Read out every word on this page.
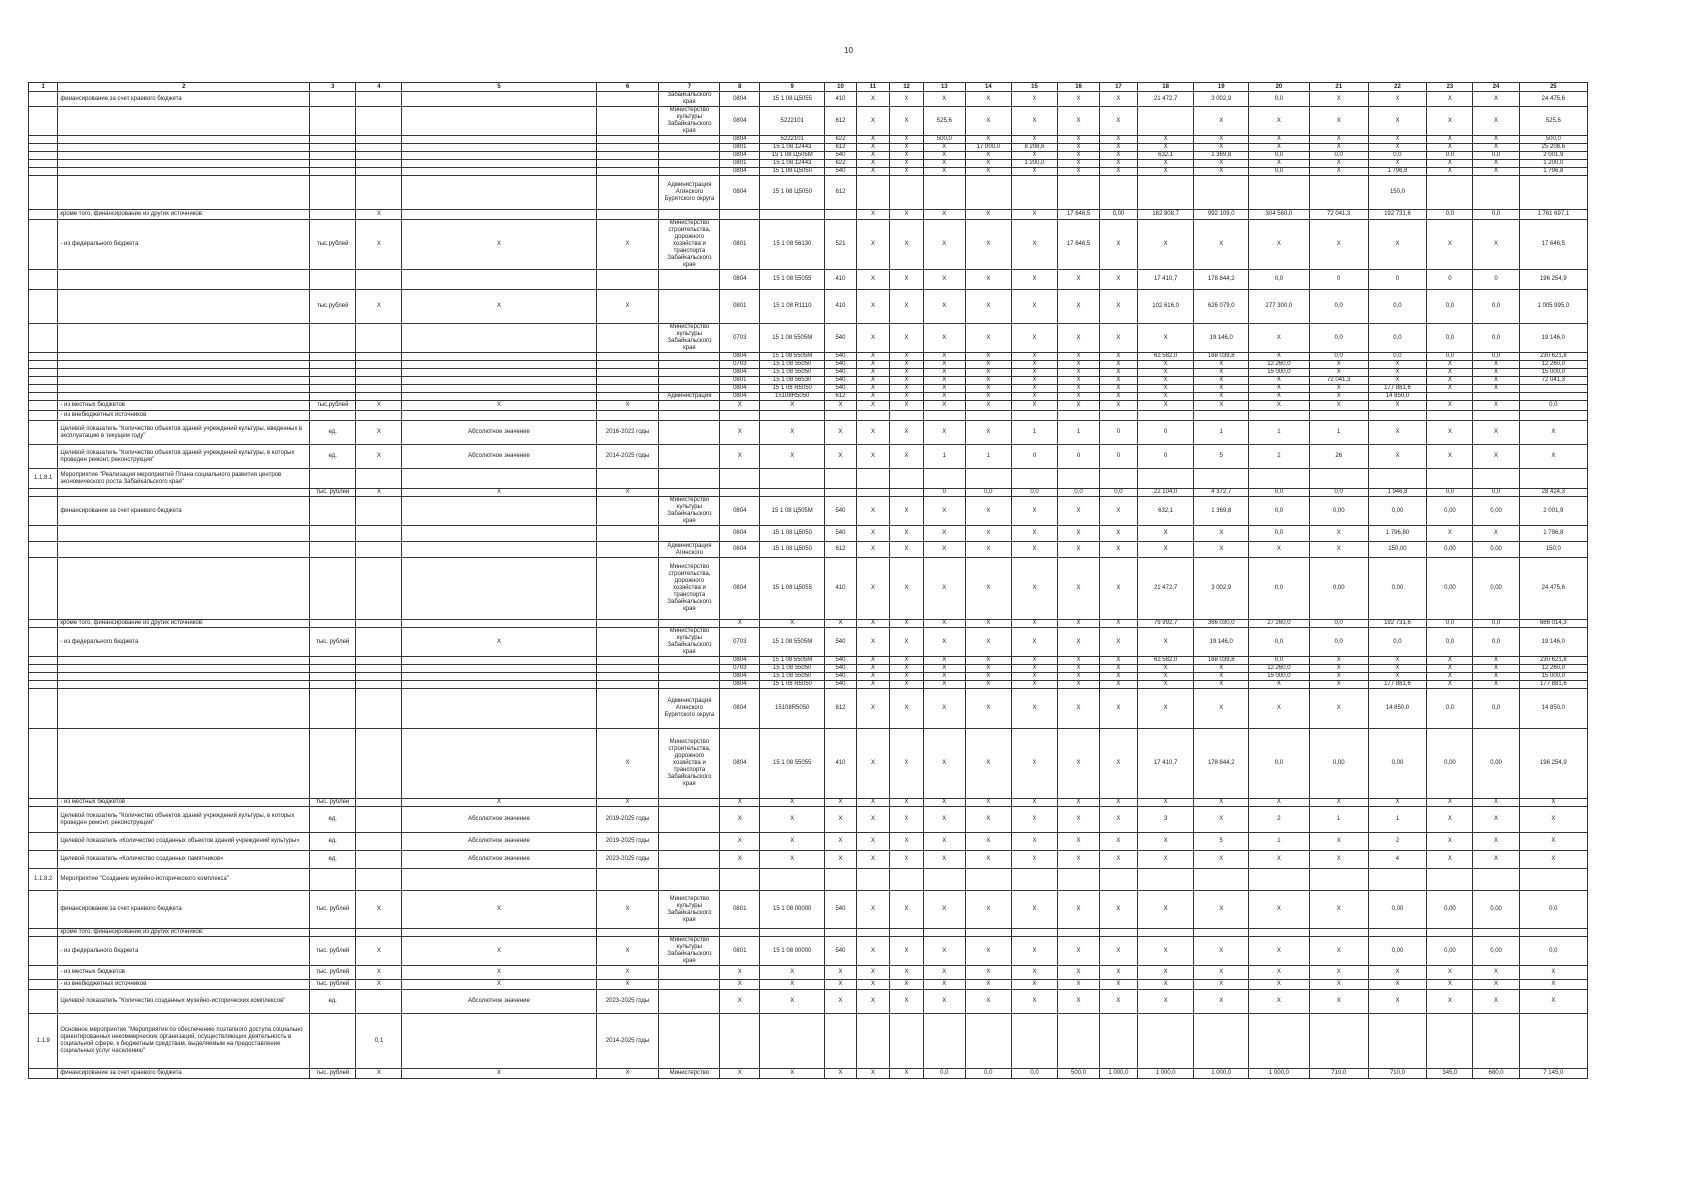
10
1	2	3	4	5	6	7	8	9	10	11	12	13	14	15	16	17	18	19	20	21	22	23	24	25
	финансирование за счет краевого бюджета					Забайкальского края	0804	15 1 08 Ц5055	410	Х	Х	Х	Х	Х	Х	Х	21 472,7	3 002,9	0,0	Х	Х	Х	Х	24 475,6
						Министерство культуры Забайкальского края	0804	5222101	612	Х	Х	525,6	Х	Х	Х	Х		Х	Х	Х	Х	Х	Х	525,6
							0804	5222101	622	Х	Х	500,0	Х	Х	Х	Х	Х	Х	Х	Х	Х	Х	Х	500,0
							0801	15 1 08 12443	612	Х	Х	Х	17 000,0	8 208,6	Х	Х	Х	Х	Х	Х	Х	Х	Х	25 208,6
							0804	15 1 08 Ц505М	540	Х	Х	Х	Х	Х	Х	Х	632,1	1 369,8	0,0	0,0	0,0	0,0	0,0	2 001,9
							0801	15 1 08 12443	622	Х	Х	Х	Х	1 200,0	Х	Х	Х	Х	Х	Х	Х	Х	Х	1 200,0
							0804	15 1 08 Ц5050	540	Х	Х	Х	Х	Х	Х	Х	Х	Х	0,0	Х	1 796,8	Х	Х	1 796,8
						Администрация Агинского Бурятского округа	0804	15 1 08 Ц5050	612												150,0			
	кроме того, финансирование из других источников:		Х							Х	Х	Х	Х	Х	17 646,5	0,00	182 808,7	992 109,0	304 560,0	72 041,3	192 731,6	0,0	0,0	1 761 697,1
	- из федерального бюджета	тыс.рублей	Х	Х	Х	Министерство строительства, дорожного хозяйства и транспорта Забайкальского края	0801	15 1 08 56130	521	Х	Х	Х	Х	Х	17 646,5	Х	Х	Х	Х	Х	Х	Х	Х	17 646,5
							0804	15 1 08 55055	410	Х	Х	Х	Х	Х	Х	Х	17 410,7	178 844,2	0,0	0	0	0	0	196 254,9
		тыс.рублей	Х	Х	Х		0801	15 1 08 R1110	410	Х	Х	Х	Х	Х	Х	Х	102 616,0	626 079,0	277 300,0	0,0	0,0	0,0	0,0	1 005 995,0
						Министерство культуры Забайкальского края	0703	15 1 08 5505М	540	Х	Х	Х	Х	Х	Х	Х	Х	19 146,0	Х	0,0	0,0	0,0	0,0	19 146,0
							0804	15 1 08 5505М	540	Х	Х	Х	Х	Х	Х	Х	62 582,0	168 039,8	Х	0,0	0,0	0,0	0,0	230 621,8
							0703	15 1 08 55050	540	Х	Х	Х	Х	Х	Х	Х	Х	Х	12 260,0	Х	Х	Х	Х	12 260,0
							0804	15 1 08 55050	540	Х	Х	Х	Х	Х	Х	Х	Х	Х	15 000,0	Х	Х	Х	Х	15 000,0
							0801	15 1 08 56530	540	Х	Х	Х	Х	Х	Х	Х	Х	Х	Х	72 041,3	Х	Х	Х	72 041,3
							0804	15 1 08 R5050	540	Х	Х	Х	Х	Х	Х	Х	Х	Х	Х	Х	177 881,6	Х	Х	
						Администрация	0804	15108R5050	612	Х	Х	Х	Х	Х	Х	Х	Х	Х	Х	Х	14 850,0			
	- из местных бюджетов	тыс.рублей	Х	Х	Х		Х	Х	Х	Х	Х	Х	Х	Х	Х	Х	Х	Х	Х	Х	Х	Х	Х	0,0
	- из внебюджетных источников																							
	Целевой показатель "Количество объектов зданий учреждений культуры, введенных в эксплуатацию в текущем году"	ед.	Х	Абсолютное значение	2016-2022 годы		Х	Х	Х	Х	Х	Х	Х	1	1	0	0	1	1	1	Х	Х	Х	Х
	Целевой показатель "Количество объектов зданий учреждений культуры, в которых проведен ремонт, реконструкция"	ед.	Х	Абсолютное значение	2014-2025 годы		Х	Х	Х	Х	Х	1	1	0	0	0	0	5	2	26	Х	Х	Х	Х
1.1.8.1	Мероприятие "Реализация мероприятий Плана социального развития центров экономического роста Забайкальского края"																							
		тыс. рублей	Х	Х	Х							0	0,0	0,0	0,0	0,0	22 104,0	4 372,7	0,0	0,0	1 946,8	0,0	0,0	28 424,3
	финансирование за счет краевого бюджета					Министерство культуры Забайкальского края	0804	15 1 08 Ц505М	540	Х	Х	Х	Х	Х	Х	Х	632,1	1 369,8	0,0	0,00	0,00	0,00	0,00	2 001,9
							0804	15 1 08 Ц5050	540	Х	Х	Х	Х	Х	Х	Х	Х	Х	0,0	Х	1 796,80	Х	Х	1 796,8
						Администрация Агинского	0804	15 1 08 Ц5050	612	Х	Х	Х	Х	Х	Х	Х	Х	Х	Х	Х	150,00	0,00	0,00	150,0
						Министерство строительства, дорожного хозяйства и транспорта Забайкальского края	0804	15 1 08 Ц5055	410	Х	Х	Х	Х	Х	Х	Х	21 472,7	3 002,9	0,0	0,00	0,00	0,00	0,00	24 475,6
	кроме того, финансирование из других источников:						Х	Х	Х	Х	Х	Х	Х	Х	Х	Х	79 992,7	366 030,0	27 260,0	0,0	192 731,6	0,0	0,0	666 014,3
	- из федерального бюджета	тыс. рублей		Х		Министерство культуры Забайкальского края	0703	15 1 08 5505М	540	Х	Х	Х	Х	Х	Х	Х	Х	19 146,0	0,0	0,0	0,0	0,0	0,0	19 146,0
							0804	15 1 08 5505М	540	Х	Х	Х	Х	Х	Х	Х	62 582,0	168 039,8	0,0	Х	Х	Х	Х	230 621,8
							0703	15 1 08 55050	540	Х	Х	Х	Х	Х	Х	Х	Х	Х	12 260,0	Х	Х	Х	Х	12 260,0
							0804	15 1 08 55050	540	Х	Х	Х	Х	Х	Х	Х	Х	Х	15 000,0	Х	Х	Х	Х	15 000,0
							0804	15 1 08 R5050	540	Х	Х	Х	Х	Х	Х	Х	Х	Х	Х	Х	177 881,6	Х	Х	177 881,6
						Администрация Агинского Бурятского округа	0804	15108R5050	612	Х	Х	Х	Х	Х	Х	Х	Х	Х	Х	Х	14 850,0	0,0	0,0	14 850,0
					Х	Министерство строительства, дорожного хозяйства и транспорта Забайкальского края	0804	15 1 08 55055	410	Х	Х	Х	Х	Х	Х	Х	17 410,7	178 844,2	0,0	0,00	0,00	0,00	0,00	196 254,9
	- из местных бюджетов	тыс. рублей		Х	Х		Х	Х	Х	Х	Х	Х	Х	Х	Х	Х	Х	Х	Х	Х	Х	Х	Х	Х
	Целевой показатель "Количество объектов зданий учреждений культуры, в которых проведен ремонт, реконструкция"	ед.		Абсолютное значение	2019-2025 годы		Х	Х	Х	Х	Х	Х	Х	Х	Х	Х	3	Х	2	1	1	Х	Х	Х
	Целевой показатель «Количество созданных объектов зданий учреждений культуры»	ед.		Абсолютное значение	2019-2025 годы		Х	Х	Х	Х	Х	Х	Х	Х	Х	Х	Х	5	1	Х	2	Х	Х	Х
	Целевой показатель «Количество созданных памятников»	ед.		Абсолютное значение	2023-2025 годы		Х	Х	Х	Х	Х	Х	Х	Х	Х	Х	Х	Х	Х	Х	4	Х	Х	Х
1.1.8.2	Мероприятие "Создание музейно-исторического комплекса"																							
	финансирование за счет краевого бюджета	тыс. рублей	Х	Х	Х	Министерство культуры Забайкальского края	0801	15 1 08 00000	540	Х	Х	Х	Х	Х	Х	Х	Х	Х	Х	Х	0,00	0,00	0,00	0,0
	кроме того, финансирование из других источников:																							
	- из федерального бюджета	тыс. рублей	Х	Х	Х	Министерство культуры Забайкальского края	0801	15 1 08 00000	540	Х	Х	Х	Х	Х	Х	Х	Х	Х	Х	Х	0,00	0,00	0,00	0,0
	- из местных бюджетов	тыс. рублей	Х	Х	Х		Х	Х	Х	Х	Х	Х	Х	Х	Х	Х	Х	Х	Х	Х	Х	Х	Х	Х
	- из внебюджетных источников	тыс. рублей	Х	Х	Х		Х	Х	Х	Х	Х	Х	Х	Х	Х	Х	Х	Х	Х	Х	Х	Х	Х	Х
	Целевой показатель "Количество созданных музейно-исторических комплексов"	ед.		Абсолютное значение	2023-2025 годы		Х	Х	Х	Х	Х	Х	Х	Х	Х	Х	Х	Х	Х	Х	Х	Х	Х	Х
1.1.9	Основное мероприятие "Мероприятия по обеспечению поэтапного доступа социально ориентированных некоммерческих организаций, осуществляющих деятельность в социальной сфере, к бюджетным средствам, выделяемым на предоставление социальных услуг населению"		0,1		2014-2025 годы																			
	финансирование за счет краевого бюджета	тыс. рублей	Х	Х	Х	Министерство	Х	Х	Х	Х	Х	0,0	0,0	0,0	500,0	1 000,0	1 000,0	1 000,0	1 000,0	710,0	710,0	345,0	680,0	7 145,0
